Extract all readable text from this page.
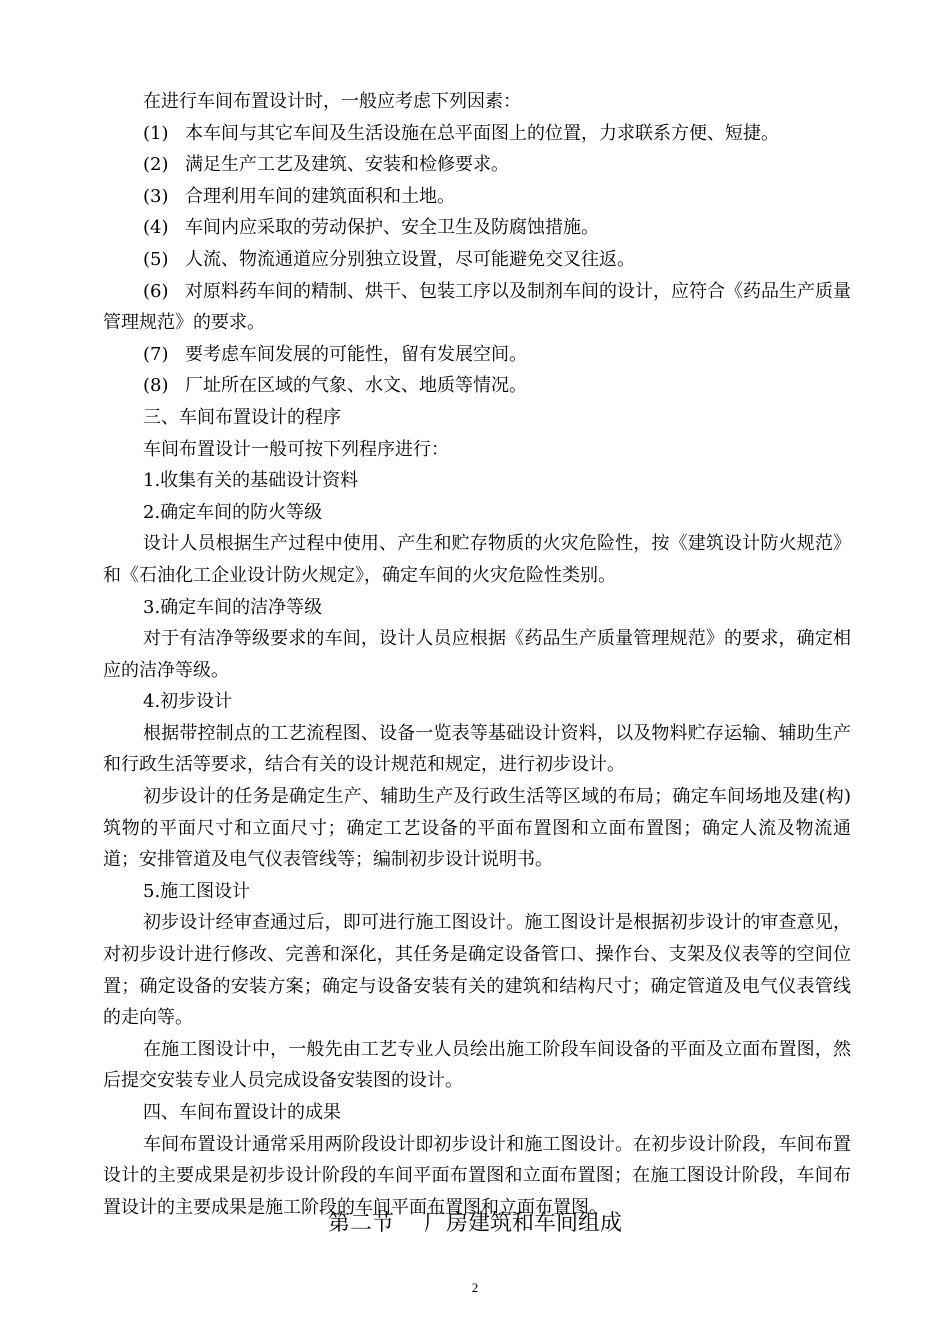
在进行车间布置设计时，一般应考虑下列因素：

(1) 本车间与其它车间及生活设施在总平面图上的位置，力求联系方便、短捷。

(2) 满足生产工艺及建筑、安装和检修要求。

(3) 合理利用车间的建筑面积和土地。

(4) 车间内应采取的劳动保护、安全卫生及防腐蚀措施。

(5) 人流、物流通道应分别独立设置，尽可能避免交叉往返。

(6) 对原料药车间的精制、烘干、包装工序以及制剂车间的设计，应符合《药品生产质量管理规范》的要求。

(7) 要考虑车间发展的可能性，留有发展空间。

(8) 厂址所在区域的气象、水文、地质等情况。

三、车间布置设计的程序

车间布置设计一般可按下列程序进行：

1.收集有关的基础设计资料

2.确定车间的防火等级

设计人员根据生产过程中使用、产生和贮存物质的火灾危险性，按《建筑设计防火规范》和《石油化工企业设计防火规定》，确定车间的火灾危险性类别。

3.确定车间的洁净等级

对于有洁净等级要求的车间，设计人员应根据《药品生产质量管理规范》的要求，确定相应的洁净等级。

4.初步设计

根据带控制点的工艺流程图、设备一览表等基础设计资料，以及物料贮存运输、辅助生产和行政生活等要求，结合有关的设计规范和规定，进行初步设计。

初步设计的任务是确定生产、辅助生产及行政生活等区域的布局；确定车间场地及建(构)筑物的平面尺寸和立面尺寸；确定工艺设备的平面布置图和立面布置图；确定人流及物流通道；安排管道及电气仪表管线等；编制初步设计说明书。

5.施工图设计

初步设计经审查通过后，即可进行施工图设计。施工图设计是根据初步设计的审查意见，对初步设计进行修改、完善和深化，其任务是确定设备管口、操作台、支架及仪表等的空间位置；确定设备的安装方案；确定与设备安装有关的建筑和结构尺寸；确定管道及电气仪表管线的走向等。

在施工图设计中，一般先由工艺专业人员绘出施工阶段车间设备的平面及立面布置图，然后提交安装专业人员完成设备安装图的设计。

四、车间布置设计的成果

车间布置设计通常采用两阶段设计即初步设计和施工图设计。在初步设计阶段，车间布置设计的主要成果是初步设计阶段的车间平面布置图和立面布置图；在施工图设计阶段，车间布置设计的主要成果是施工阶段的车间平面布置图和立面布置图。

第二节 厂房建筑和车间组成

2
